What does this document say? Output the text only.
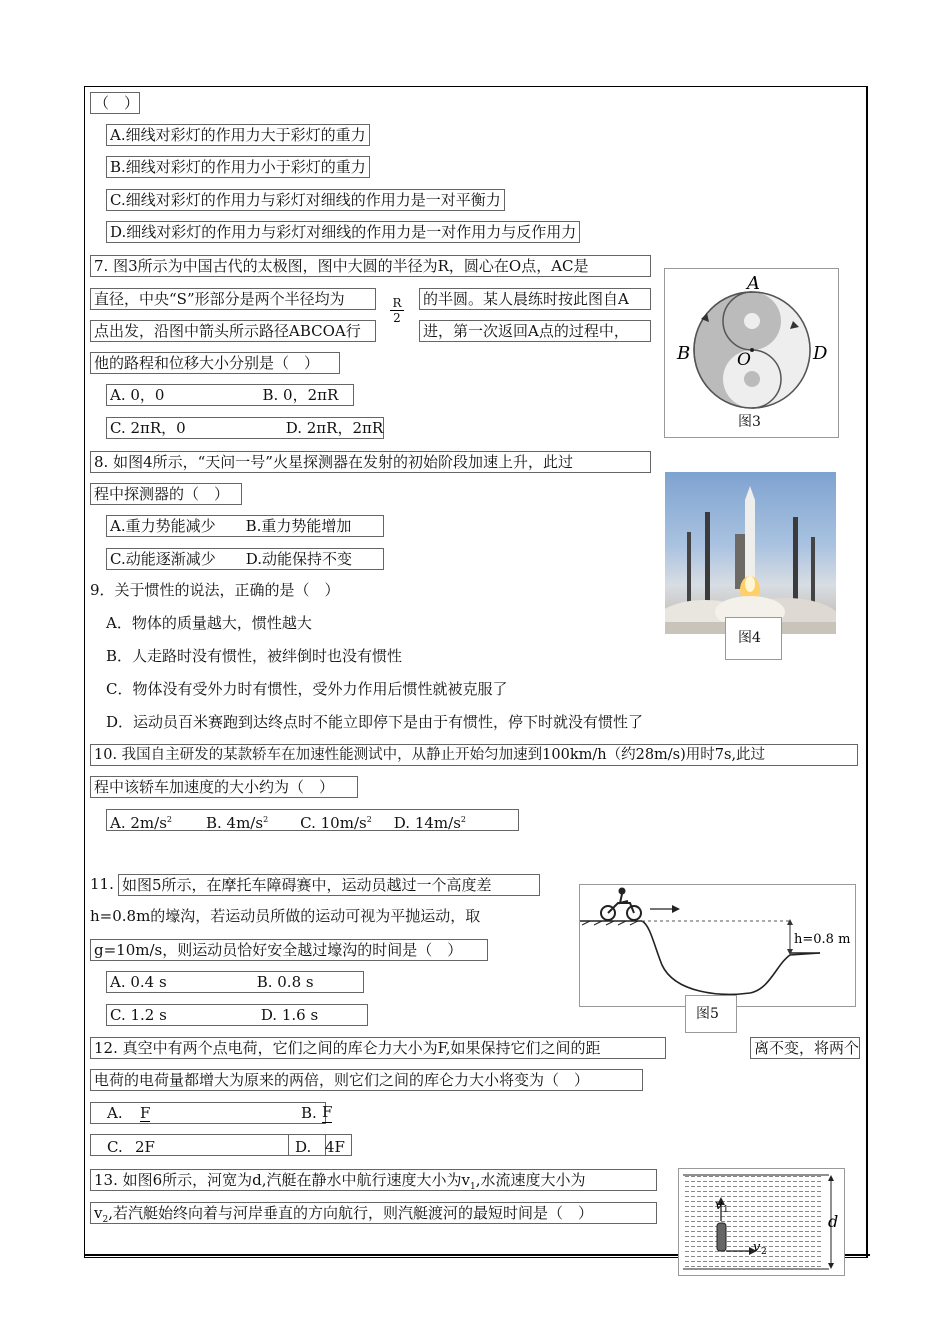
（　）
A.细线对彩灯的作用力大于彩灯的重力
B.细线对彩灯的作用力小于彩灯的重力
C.细线对彩灯的作用力与彩灯对细线的作用力是一对平衡力
D.细线对彩灯的作用力与彩灯对细线的作用力是一对作用力与反作用力
7. 图3所示为中国古代的太极图，图中大圆的半径为R，圆心在O点，AC是
直径，中央“S”形部分是两个半径均为	$\frac{R}{2}$ 的半圆。某人晨练时按此图自A
点出发，沿图中箭头所示路径ABCOA行	进，第一次返回A点的过程中，
他的路程和位移大小分别是（　）
A. 0，0	B. 0，2πR
C. 2πR，0	D. 2πR，2πR
A
B	D
O
图3
8. 如图4所示，“天问一号”火星探测器在发射的初始阶段加速上升，此过
程中探测器的（　）
A.重力势能减少　　B.重力势能增加
C.动能逐渐减少　　D.动能保持不变
图4
9．关于惯性的说法，正确的是（　）
A．物体的质量越大，惯性越大
B．人走路时没有惯性，被绊倒时也没有惯性
C．物体没有受外力时有惯性，受外力作用后惯性就被克服了
D．运动员百米赛跑到达终点时不能立即停下是由于有惯性，停下时就没有惯性了
10. 我国自主研发的某款轿车在加速性能测试中，从静止开始匀加速到100km/h（约28m/s)用时7s,此过
程中该轿车加速度的大小约为（　）
A. $2m/s^2$ B. $4m/s^2$ C. $10m/s^2$ D. $14m/s^2$
11. 如图5所示，在摩托车障碍赛中，运动员越过一个高度差
h=0.8m的壕沟，若运动员所做的运动可视为平抛运动，取
g=10m/s，则运动员恰好安全越过壕沟的时间是（　）
A. 0.4 s	B. 0.8 s
C. 1.2 s	D. 1.6 s
h=0.8 m
图5
12. 真空中有两个点电荷，它们之间的库仑力大小为F,如果保持它们之间的距	离不变，将两个
电荷的电荷量都增大为原来的两倍，则它们之间的库仑力大小将变为（　）
A. F	B. F
C. 2F	D. 4F
13. 如图6所示，河宽为d,汽艇在静水中航行速度大小为$v_1$,水流速度大小为
$v_2$,若汽艇始终向着与河岸垂直的方向航行，则汽艇渡河的最短时间是（　）	d
v 1
v 2
